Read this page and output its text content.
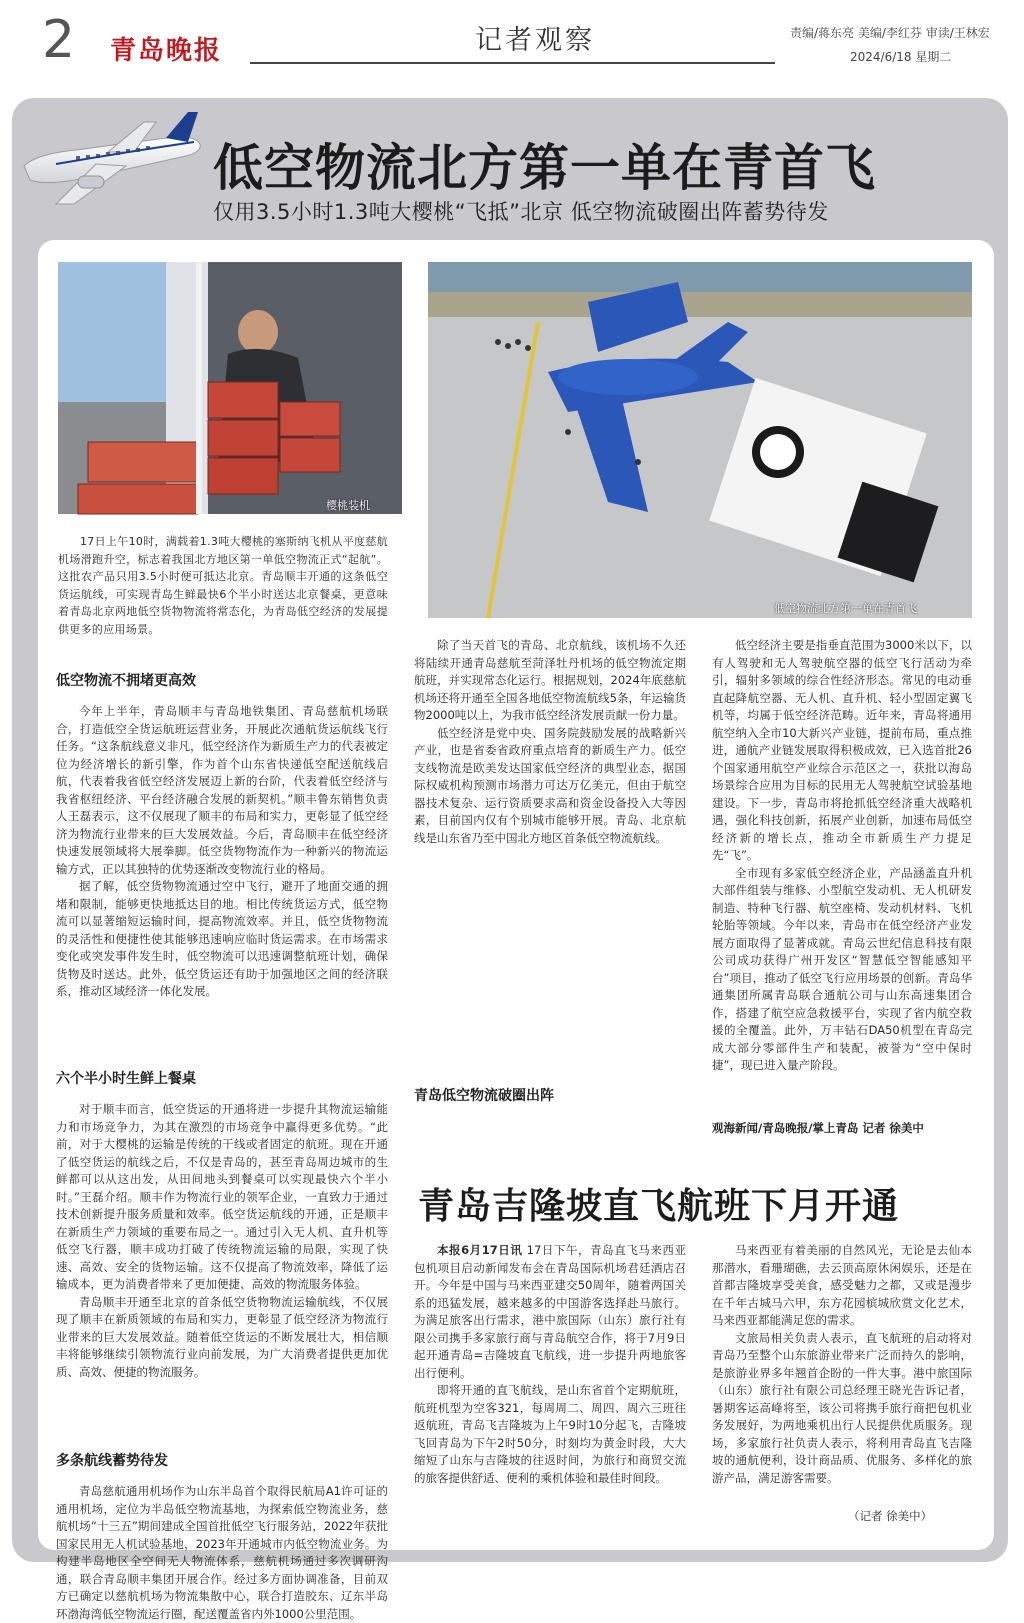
2 青岛晚报	记者观察	责编/蒋东亮 美编/李红芬 审读/王林宏
2024/6/18 星期二
低空物流北方第一单在青首飞
仅用3.5小时1.3吨大樱桃“飞抵”北京 低空物流破圈出阵蓄势待发
樱桃装机
低空物流北方第一单在青首飞

17日上午10时，满载着1.3吨大樱桃的塞斯纳飞机从平度慈航机场滑跑升空，标志着我国北方地区第一单低空物流正式“起航”。这批农产品只用3.5小时便可抵达北京。青岛顺丰开通的这条低空货运航线，可实现青岛生鲜最快6个半小时送达北京餐桌，更意味着青岛北京两地低空货物物流将常态化，为青岛低空经济的发展提供更多的应用场景。

低空物流不拥堵更高效

今年上半年，青岛顺丰与青岛地铁集团、青岛慈航机场联合，打造低空全货运航班运营业务，开展此次通航货运航线飞行任务。“这条航线意义非凡，低空经济作为新质生产力的代表被定位为经济增长的新引擎，作为首个山东省快递低空配送航线启航，代表着我省低空经济发展迈上新的台阶，代表着低空经济与我省枢纽经济、平台经济融合发展的新契机。”顺丰鲁东销售负责人王磊表示，这不仅展现了顺丰的布局和实力，更彰显了低空经济为物流行业带来的巨大发展效益。今后，青岛顺丰在低空经济快速发展领域将大展拳脚。低空货物物流作为一种新兴的物流运输方式，正以其独特的优势逐渐改变物流行业的格局。

据了解，低空货物物流通过空中飞行，避开了地面交通的拥堵和限制，能够更快地抵达目的地。相比传统货运方式，低空物流可以显著缩短运输时间，提高物流效率。并且，低空货物物流的灵活性和便捷性使其能够迅速响应临时货运需求。在市场需求变化或突发事件发生时，低空物流可以迅速调整航班计划，确保货物及时送达。此外，低空货运还有助于加强地区之间的经济联系，推动区域经济一体化发展。

六个半小时生鲜上餐桌

对于顺丰而言，低空货运的开通将进一步提升其物流运输能力和市场竞争力，为其在激烈的市场竞争中赢得更多优势。“此前，对于大樱桃的运输是传统的干线或者固定的航班。现在开通了低空货运的航线之后，不仅是青岛的，甚至青岛周边城市的生鲜都可以从这出发，从田间地头到餐桌可以实现最快六个半小时。”王磊介绍。顺丰作为物流行业的领军企业，一直致力于通过技术创新提升服务质量和效率。低空货运航线的开通，正是顺丰在新质生产力领域的重要布局之一。通过引入无人机、直升机等低空飞行器，顺丰成功打破了传统物流运输的局限，实现了快速、高效、安全的货物运输。这不仅提高了物流效率，降低了运输成本，更为消费者带来了更加便捷、高效的物流服务体验。

青岛顺丰开通至北京的首条低空货物物流运输航线，不仅展现了顺丰在新质领域的布局和实力，更彰显了低空经济为物流行业带来的巨大发展效益。随着低空货运的不断发展壮大，相信顺丰将能够继续引领物流行业向前发展，为广大消费者提供更加优质、高效、便捷的物流服务。

多条航线蓄势待发

青岛慈航通用机场作为山东半岛首个取得民航局A1许可证的通用机场，定位为半岛低空物流基地，为探索低空物流业务，慈航机场“十三五”期间建成全国首批低空飞行服务站，2022年获批国家民用无人机试验基地，2023年开通城市内低空物流业务。为构建半岛地区全空间无人物流体系，慈航机场通过多次调研沟通，联合青岛顺丰集团开展合作。经过多方面协调准备，目前双方已确定以慈航机场为物流集散中心，联合打造胶东、辽东半岛环渤海湾低空物流运行圈，配送覆盖省内外1000公里范围。

除了当天首飞的青岛、北京航线，该机场不久还将陆续开通青岛慈航至菏泽牡丹机场的低空物流定期航班，并实现常态化运行。根据规划，2024年底慈航机场还将开通至全国各地低空物流航线5条，年运输货物2000吨以上，为我市低空经济发展贡献一份力量。

低空经济是党中央、国务院鼓励发展的战略新兴产业，也是省委省政府重点培育的新质生产力。低空支线物流是欧美发达国家低空经济的典型业态，据国际权威机构预测市场潜力可达万亿美元，但由于航空器技术复杂、运行资质要求高和资金设备投入大等因素，目前国内仅有个别城市能够开展。青岛、北京航线是山东省乃至中国北方地区首条低空物流航线。

青岛低空物流破圈出阵

低空经济主要是指垂直范围为3000米以下，以有人驾驶和无人驾驶航空器的低空飞行活动为牵引，辐射多领域的综合性经济形态。常见的电动垂直起降航空器、无人机、直升机、轻小型固定翼飞机等，均属于低空经济范畴。近年来，青岛将通用航空纳入全市10大新兴产业链，提前布局，重点推进，通航产业链发展取得积极成效，已入选首批26个国家通用航空产业综合示范区之一，获批以海岛场景综合应用为目标的民用无人驾驶航空试验基地建设。下一步，青岛市将抢抓低空经济重大战略机遇，强化科技创新，拓展产业创新，加速布局低空经济新的增长点，推动全市新质生产力提足先“飞”。

全市现有多家低空经济企业，产品涵盖直升机大部件组装与维修、小型航空发动机、无人机研发制造、特种飞行器、航空座椅、发动机材料、飞机轮胎等领域。今年以来，青岛市在低空经济产业发展方面取得了显著成就。青岛云世纪信息科技有限公司成功获得广州开发区“智慧低空智能感知平台”项目，推动了低空飞行应用场景的创新。青岛华通集团所属青岛联合通航公司与山东高速集团合作，搭建了航空应急救援平台，实现了省内航空救援的全覆盖。此外，万丰钻石DA50机型在青岛完成大部分零部件生产和装配，被誉为“空中保时捷”，现已进入量产阶段。

观海新闻/青岛晚报/掌上青岛 记者 徐美中
青岛吉隆坡直飞航班下月开通

本报6月17日讯 17日下午，青岛直飞马来西亚包机项目启动新闻发布会在青岛国际机场君廷酒店召开。今年是中国与马来西亚建交50周年，随着两国关系的迅猛发展，越来越多的中国游客选择赴马旅行。为满足旅客出行需求，港中旅国际（山东）旅行社有限公司携手多家旅行商与青岛航空合作，将于7月9日起开通青岛=吉隆坡直飞航线，进一步提升两地旅客出行便利。

即将开通的直飞航线，是山东省首个定期航班，航班机型为空客321，每周周二、周四、周六三班往返航班，青岛飞吉隆坡为上午9时10分起飞，吉隆坡飞回青岛为下午2时50分，时刻均为黄金时段，大大缩短了山东与吉隆坡的往返时间，为旅行和商贸交流的旅客提供舒适、便利的乘机体验和最佳时间段。

马来西亚有着美丽的自然风光，无论是去仙本那潜水，看珊瑚礁，去云顶高原休闲娱乐，还是在首都吉隆坡享受美食，感受魅力之都，又或是漫步在千年古城马六甲，东方花园槟城欣赏文化艺术，马来西亚都能满足您的需求。

文旅局相关负责人表示，直飞航班的启动将对青岛乃至整个山东旅游业带来广泛而持久的影响，是旅游业界多年翘首企盼的一件大事。港中旅国际（山东）旅行社有限公司总经理王晓光告诉记者，暑期客运高峰将至，该公司将携手旅行商把包机业务发展好，为两地乘机出行人民提供优质服务。现场，多家旅行社负责人表示，将利用青岛直飞吉隆坡的通航便利，设计商品质、优服务、多样化的旅游产品，满足游客需要。

（记者 徐美中）
